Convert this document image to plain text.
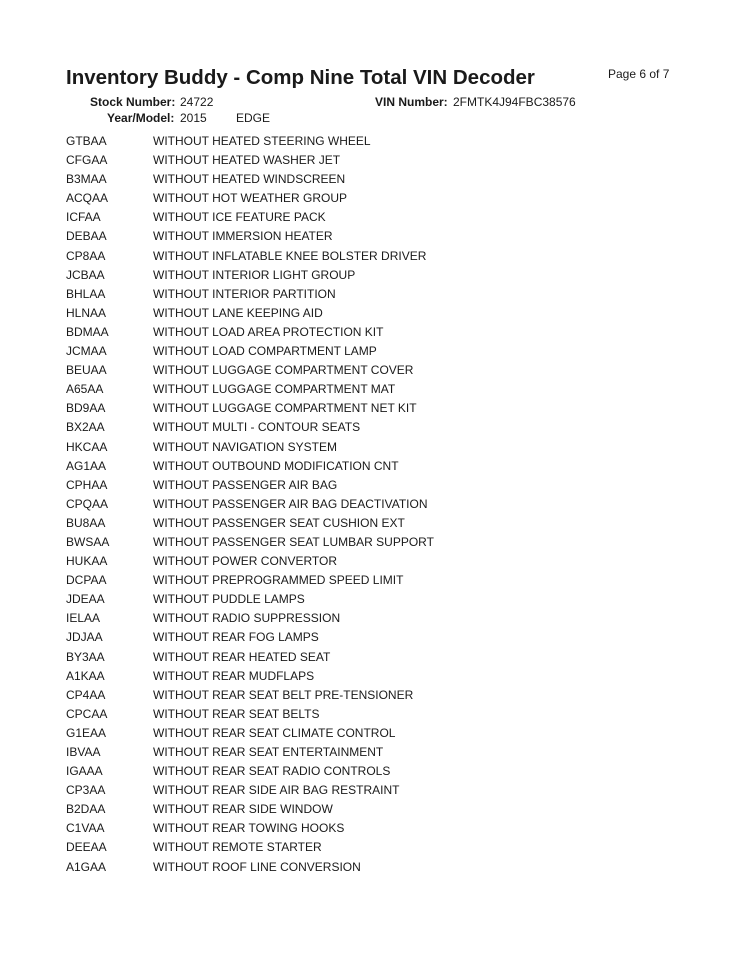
Inventory Buddy - Comp Nine Total VIN Decoder	Page 6 of 7
Stock Number: 24722	VIN Number: 2FMTK4J94FBC38576
Year/Model: 2015 EDGE
GTBAA	WITHOUT HEATED STEERING WHEEL
CFGAA	WITHOUT HEATED WASHER JET
B3MAA	WITHOUT HEATED WINDSCREEN
ACQAA	WITHOUT HOT WEATHER GROUP
ICFAA	WITHOUT ICE FEATURE PACK
DEBAA	WITHOUT IMMERSION HEATER
CP8AA	WITHOUT INFLATABLE KNEE BOLSTER DRIVER
JCBAA	WITHOUT INTERIOR LIGHT GROUP
BHLAA	WITHOUT INTERIOR PARTITION
HLNAA	WITHOUT LANE KEEPING AID
BDMAA	WITHOUT LOAD AREA PROTECTION KIT
JCMAA	WITHOUT LOAD COMPARTMENT LAMP
BEUAA	WITHOUT LUGGAGE COMPARTMENT COVER
A65AA	WITHOUT LUGGAGE COMPARTMENT MAT
BD9AA	WITHOUT LUGGAGE COMPARTMENT NET KIT
BX2AA	WITHOUT MULTI - CONTOUR SEATS
HKCAA	WITHOUT NAVIGATION SYSTEM
AG1AA	WITHOUT OUTBOUND MODIFICATION CNT
CPHAA	WITHOUT PASSENGER AIR BAG
CPQAA	WITHOUT PASSENGER AIR BAG DEACTIVATION
BU8AA	WITHOUT PASSENGER SEAT CUSHION EXT
BWSAA	WITHOUT PASSENGER SEAT LUMBAR SUPPORT
HUKAA	WITHOUT POWER CONVERTOR
DCPAA	WITHOUT PREPROGRAMMED SPEED LIMIT
JDEAA	WITHOUT PUDDLE LAMPS
IELAA	WITHOUT RADIO SUPPRESSION
JDJAA	WITHOUT REAR FOG LAMPS
BY3AA	WITHOUT REAR HEATED SEAT
A1KAA	WITHOUT REAR MUDFLAPS
CP4AA	WITHOUT REAR SEAT BELT PRE-TENSIONER
CPCAA	WITHOUT REAR SEAT BELTS
G1EAA	WITHOUT REAR SEAT CLIMATE CONTROL
IBVAA	WITHOUT REAR SEAT ENTERTAINMENT
IGAAA	WITHOUT REAR SEAT RADIO CONTROLS
CP3AA	WITHOUT REAR SIDE AIR BAG RESTRAINT
B2DAA	WITHOUT REAR SIDE WINDOW
C1VAA	WITHOUT REAR TOWING HOOKS
DEEAA	WITHOUT REMOTE STARTER
A1GAA	WITHOUT ROOF LINE CONVERSION
